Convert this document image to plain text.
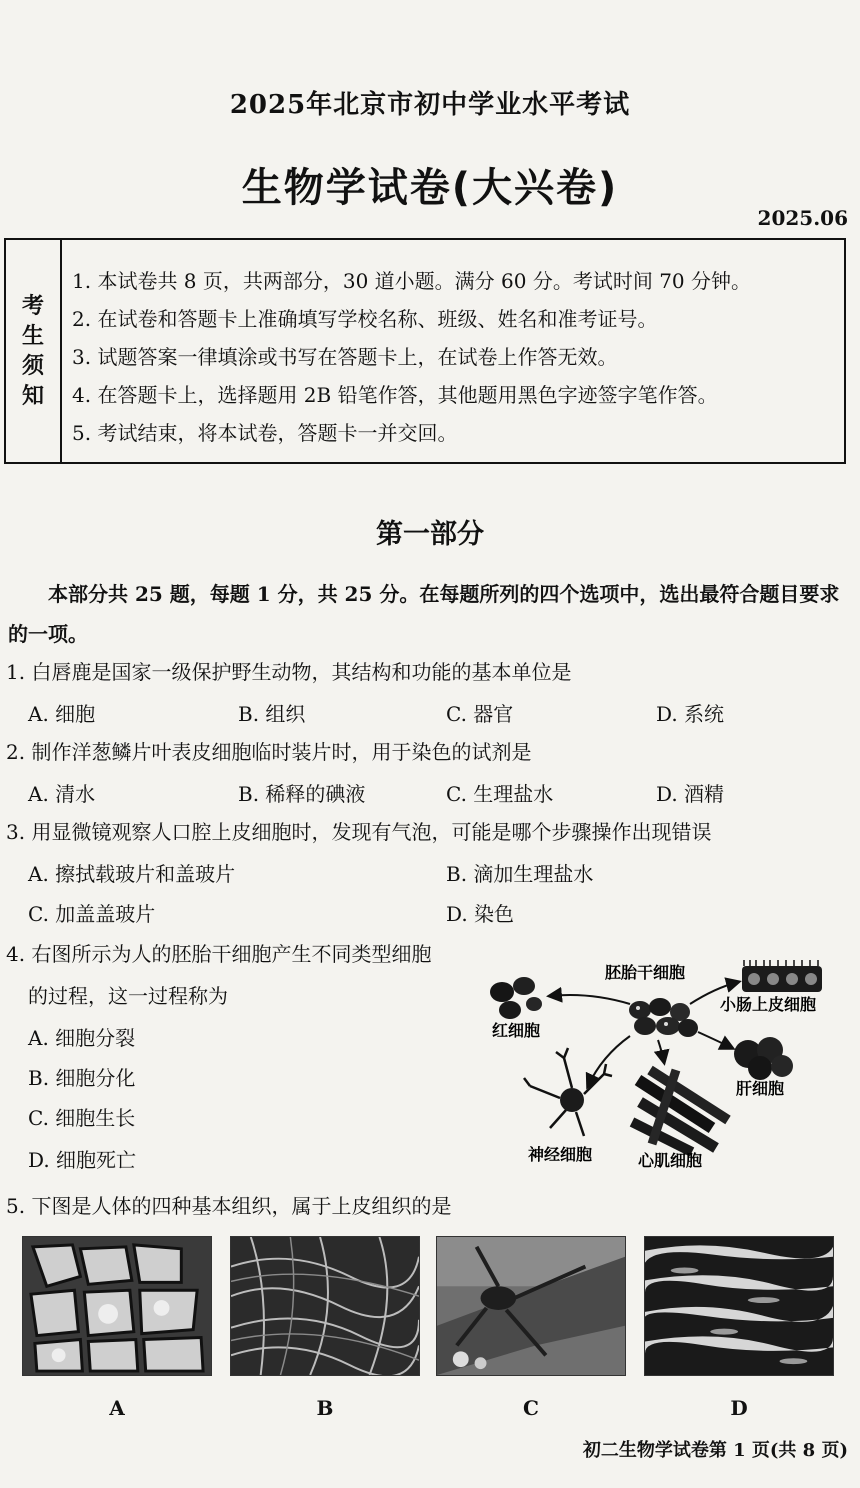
2025年北京市初中学业水平考试
生物学试卷(大兴卷)
2025.06
考
生
须
知
1. 本试卷共 8 页，共两部分，30 道小题。满分 60 分。考试时间 70 分钟。
2. 在试卷和答题卡上准确填写学校名称、班级、姓名和准考证号。
3. 试题答案一律填涂或书写在答题卡上，在试卷上作答无效。
4. 在答题卡上，选择题用 2B 铅笔作答，其他题用黑色字迹签字笔作答。
5. 考试结束，将本试卷，答题卡一并交回。
第一部分
本部分共 25 题，每题 1 分，共 25 分。在每题所列的四个选项中，选出最符合题目要求的一项。
1. 白唇鹿是国家一级保护野生动物，其结构和功能的基本单位是
A. 细胞	B. 组织	C. 器官	D. 系统
2. 制作洋葱鳞片叶表皮细胞临时装片时，用于染色的试剂是
A. 清水	B. 稀释的碘液	C. 生理盐水	D. 酒精
3. 用显微镜观察人口腔上皮细胞时，发现有气泡，可能是哪个步骤操作出现错误
A. 擦拭载玻片和盖玻片	B. 滴加生理盐水
C. 加盖盖玻片	D. 染色
4. 右图所示为人的胚胎干细胞产生不同类型细胞
的过程，这一过程称为
A. 细胞分裂
B. 细胞分化
C. 细胞生长
D. 细胞死亡
胚胎干细胞
红细胞
小肠上皮细胞
肝细胞
神经细胞	心肌细胞
5. 下图是人体的四种基本组织，属于上皮组织的是
A	B	C	D
初二生物学试卷第 1 页(共 8 页)
